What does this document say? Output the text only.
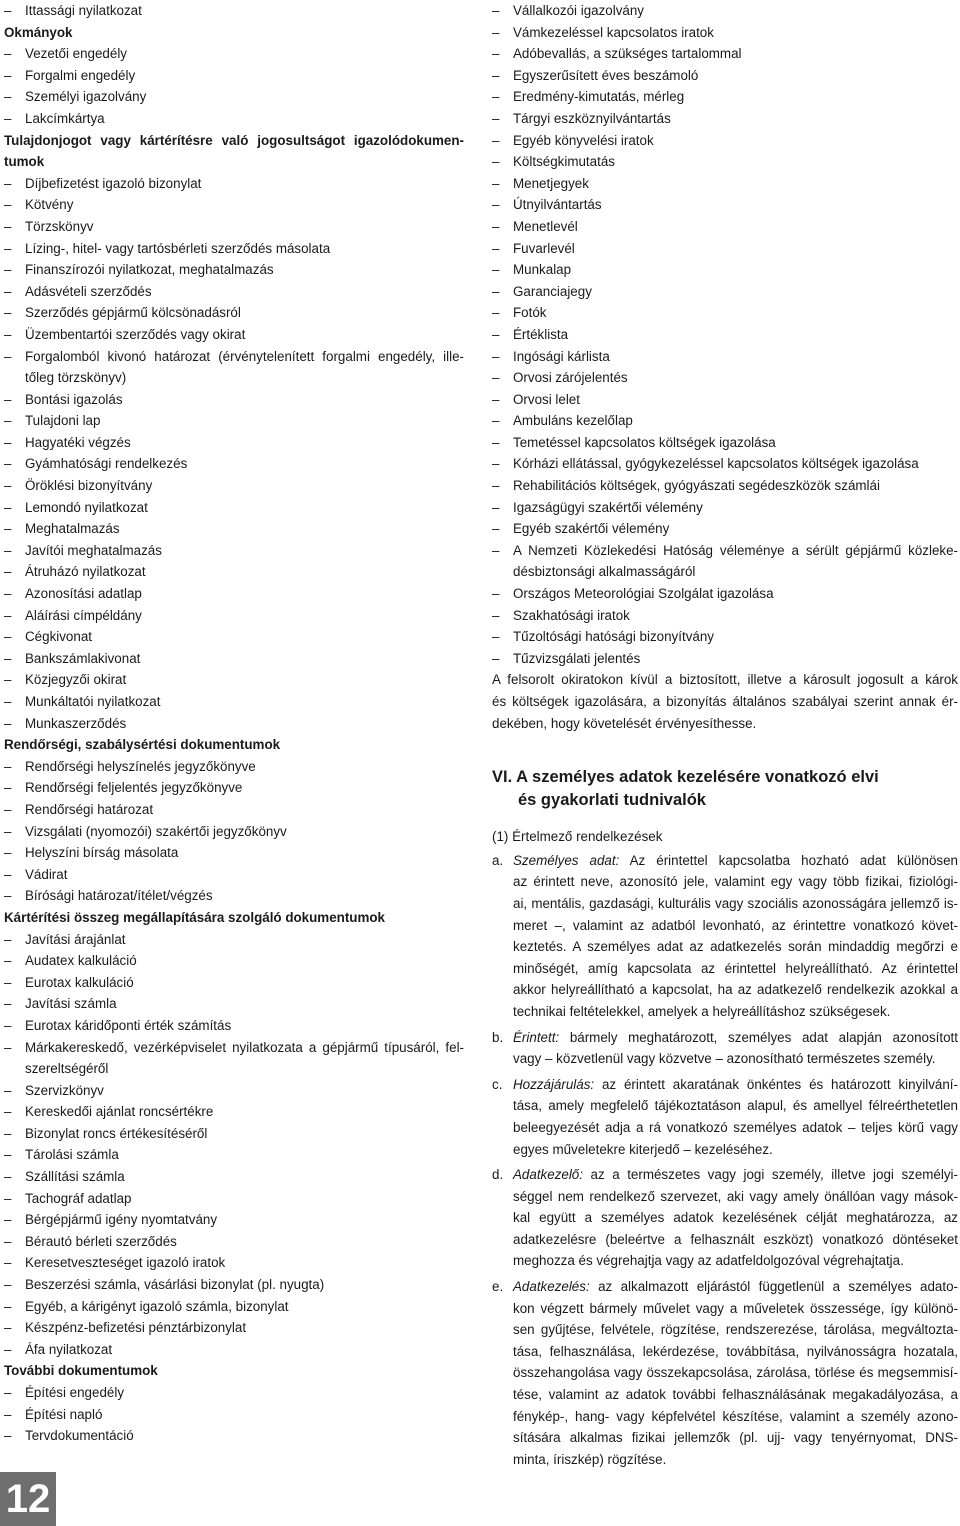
– Ittassági nyilatkozat
Okmányok
– Vezetői engedély
– Forgalmi engedély
– Személyi igazolvány
– Lakcímkártya
Tulajdonjogot vagy kártérítésre való jogosultságot igazolódokumen-
tumok
– Díjbefizetést igazoló bizonylat
– Kötvény
– Törzskönyv
– Lízing-, hitel- vagy tartósbérleti szerződés másolata
– Finanszírozói nyilatkozat, meghatalmazás
– Adásvételi szerződés
– Szerződés gépjármű kölcsönadásról
– Üzembentartói szerződés vagy okirat
– Forgalomból kivonó határozat (érvénytelenített forgalmi engedély, ille-
tőleg törzskönyv)
– Bontási igazolás
– Tulajdoni lap
– Hagyatéki végzés
– Gyámhatósági rendelkezés
– Öröklési bizonyítvány
– Lemondó nyilatkozat
– Meghatalmazás
– Javítói meghatalmazás
– Átruházó nyilatkozat
– Azonosítási adatlap
– Aláírási címpéldány
– Cégkivonat
– Bankszámlakivonat
– Közjegyzői okirat
– Munkáltatói nyilatkozat
– Munkaszerződés
Rendőrségi, szabálysértési dokumentumok
– Rendőrségi helyszínelés jegyzőkönyve
– Rendőrségi feljelentés jegyzőkönyve
– Rendőrségi határozat
– Vizsgálati (nyomozói) szakértői jegyzőkönyv
– Helyszíni bírság másolata
– Vádirat
– Bírósági határozat/ítélet/végzés
Kártérítési összeg megállapítására szolgáló dokumentumok
– Javítási árajánlat
– Audatex kalkuláció
– Eurotax kalkuláció
– Javítási számla
– Eurotax káridőponti érték számítás
– Márkakereskedő, vezérképviselet nyilatkozata a gépjármű típusáról, fel-
szereltségéről
– Szervizkönyv
– Kereskedői ajánlat roncsértékre
– Bizonylat roncs értékesítéséről
– Tárolási számla
– Szállítási számla
– Tachográf adatlap
– Bérgépjármű igény nyomtatvány
– Bérautó bérleti szerződés
– Keresetveszteséget igazoló iratok
– Beszerzési számla, vásárlási bizonylat (pl. nyugta)
– Egyéb, a kárigényt igazoló számla, bizonylat
– Készpénz-befizetési pénztárbizonylat
– Áfa nyilatkozat
További dokumentumok
– Építési engedély
– Építési napló
– Tervdokumentáció
– Vállalkozói igazolvány
– Vámkezeléssel kapcsolatos iratok
– Adóbevallás, a szükséges tartalommal
– Egyszerűsített éves beszámoló
– Eredmény-kimutatás, mérleg
– Tárgyi eszköznyilvántartás
– Egyéb könyvelési iratok
– Költségkimutatás
– Menetjegyek
– Útnyilvántartás
– Menetlevél
– Fuvarlevél
– Munkalap
– Garanciajegy
– Fotók
– Értéklista
– Ingósági kárlista
– Orvosi zárójelentés
– Orvosi lelet
– Ambuláns kezelőlap
– Temetéssel kapcsolatos költségek igazolása
– Kórházi ellátással, gyógykezeléssel kapcsolatos költségek igazolása
– Rehabilitációs költségek, gyógyászati segédeszközök számlái
– Igazságügyi szakértői vélemény
– Egyéb szakértői vélemény
– A Nemzeti Közlekedési Hatóság véleménye a sérült gépjármű közleke-
désbiztonsági alkalmasságáról
– Országos Meteorológiai Szolgálat igazolása
– Szakhatósági iratok
– Tűzoltósági hatósági bizonyítvány
– Tűzvizsgálati jelentés
A felsorolt okiratokon kívül a biztosított, illetve a károsult jogosult a károk
és költségek igazolására, a bizonyítás általános szabályai szerint annak ér-
dekében, hogy követelését érvényesíthesse.
VI. A személyes adatok kezelésére vonatkozó elvi
és gyakorlati tudnivalók
(1) Értelmező rendelkezések
a. Személyes adat: Az érintettel kapcsolatba hozható adat különösen
az érintett neve, azonosító jele, valamint egy vagy több fizikai, fiziológi-
ai, mentális, gazdasági, kulturális vagy szociális azonosságára jellemző is-
meret –, valamint az adatból levonható, az érintettre vonatkozó követ-
keztetés. A személyes adat az adatkezelés során mindaddig megőrzi e
minőségét, amíg kapcsolata az érintettel helyreállítható. Az érintettel
akkor helyreállítható a kapcsolat, ha az adatkezelő rendelkezik azokkal a
technikai feltételekkel, amelyek a helyreállításhoz szükségesek.
b. Érintett: bármely meghatározott, személyes adat alapján azonosított
vagy – közvetlenül vagy közvetve – azonosítható természetes személy.
c. Hozzájárulás: az érintett akaratának önkéntes és határozott kinyilvání-
tása, amely megfelelő tájékoztatáson alapul, és amellyel félreérthetetlen
beleegyezését adja a rá vonatkozó személyes adatok – teljes körű vagy
egyes műveletekre kiterjedő – kezeléséhez.
d. Adatkezelő: az a természetes vagy jogi személy, illetve jogi személyi-
séggel nem rendelkező szervezet, aki vagy amely önállóan vagy mások-
kal együtt a személyes adatok kezelésének célját meghatározza, az
adatkezelésre (beleértve a felhasznált eszközt) vonatkozó döntéseket
meghozza és végrehajtja vagy az adatfeldolgozóval végrehajtatja.
e. Adatkezelés: az alkalmazott eljárástól függetlenül a személyes adato-
kon végzett bármely művelet vagy a műveletek összessége, így különö-
sen gyűjtése, felvétele, rögzítése, rendszerezése, tárolása, megváltozta-
tása, felhasználása, lekérdezése, továbbítása, nyilvánosságra hozatala,
összehangolása vagy összekapcsolása, zárolása, törlése és megsemmisí-
tése, valamint az adatok további felhasználásának megakadályozása, a
fénykép-, hang- vagy képfelvétel készítése, valamint a személy azono-
sítására alkalmas fizikai jellemzők (pl. ujj- vagy tenyérnyomat, DNS-
minta, íriszkép) rögzítése.
12
